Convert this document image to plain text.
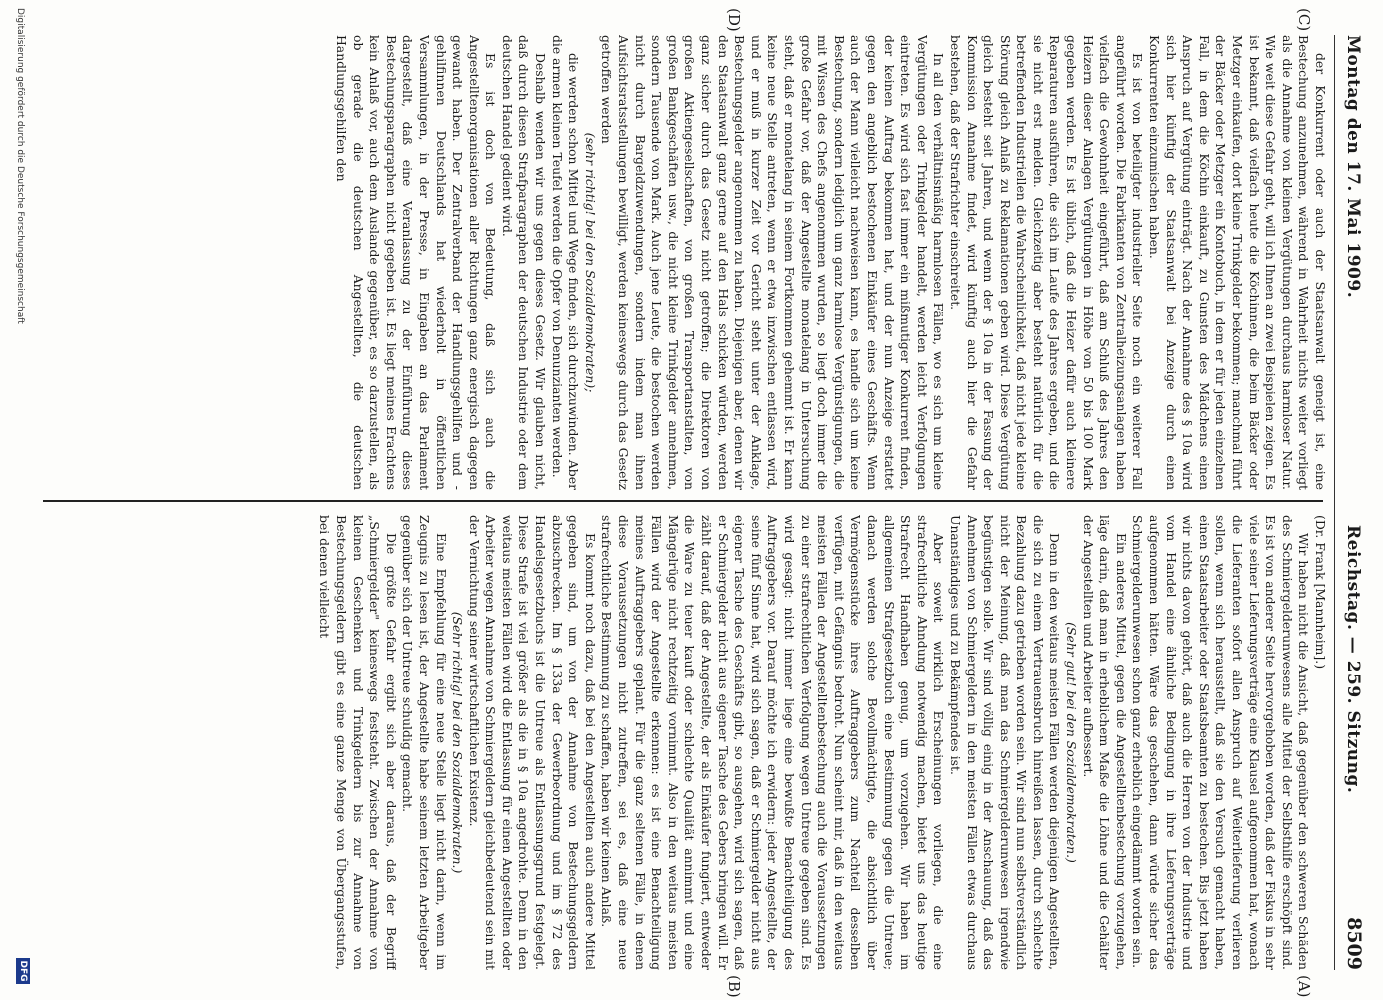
Montag den 17. Mai 1909.
Reichstag. — 259. Sitzung.
8509
(C)
(D)
(A)
(B)

der Konkurrent oder auch der Staatsanwalt geneigt ist, eine Bestechung anzunehmen, während in Wahrheit nichts weiter vorliegt als die Annahme von kleinen Vergütungen durchaus harmloser Natur. Wie weit diese Gefahr geht, will ich Ihnen an zwei Beispielen zeigen. Es ist bekannt, daß vielfach heute die Köchinnen, die beim Bäcker oder Metzger einkaufen, dort kleine Trinkgelder bekommen; manchmal führt der Bäcker oder Metzger ein Kontobuch, in dem er für jeden einzelnen Fall, in dem die Köchin einkauft, zu Gunsten des Mädchens einen Anspruch auf Vergütung einträgt. Nach der Annahme des § 10a wird sich hier künftig der Staatsanwalt bei Anzeige durch einen Konkurrenten einzumischen haben.

Es ist von beteiligter industrieller Seite noch ein weiterer Fall angeführt worden. Die Fabrikanten von Zentralheizungsanlagen haben vielfach die Gewohnheit eingeführt, daß am Schluß des Jahres den Heizern dieser Anlagen Vergütungen in Höhe von 50 bis 100 Mark gegeben werden. Es ist üblich, daß die Heizer dafür auch kleinere Reparaturen ausführen, die sich im Laufe des Jahres ergeben, und die sie nicht erst melden. Gleichzeitig aber besteht natürlich für die betreffenden Industriellen die Wahrscheinlichkeit, daß nicht jede kleine Störung gleich Anlaß zu Reklamationen geben wird. Diese Vergütung gleich besteht seit Jahren, und wenn der § 10a in der Fassung der Kommission Annahme findet, wird künftig auch hier die Gefahr bestehen, daß der Strafrichter einschreitet.

In all den verhältnismäßig harmlosen Fällen, wo es sich um kleine Vergütungen oder Trinkgelder handelt, werden leicht Verfolgungen eintreten. Es wird sich fast immer ein mißmutiger Konkurrent finden, der keinen Auftrag bekommen hat, und der nun Anzeige erstattet gegen den angeblich bestochenen Einkäufer eines Geschäfts. Wenn auch der Mann vielleicht nachweisen kann, es handle sich um keine Bestechung, sondern lediglich um ganz harmlose Vergünstigungen, die mit Wissen des Chefs angenommen wurden, so liegt doch immer die große Gefahr vor, daß der Angestellte monatelang in Untersuchung steht, daß er monatelang in seinem Fortkommen gehemmt ist. Er kann keine neue Stelle antreten, wenn er etwa inzwischen entlassen wird, und er muß in kurzer Zeit vor Gericht steht unter der Anklage, Bestechungsgelder angenommen zu haben. Diejenigen aber, denen wir den Staatsanwalt ganz gerne auf den Hals schicken würden, werden ganz sicher durch das Gesetz nicht getroffen; die Direktoren von großen Aktiengesellschaften, von großen Transportanstalten, von großen Bankgeschäften usw., die nicht kleine Trinkgelder annehmen, sondern Tausende von Mark. Auch jene Leute, die bestochen werden nicht durch Bargeldzuwendungen, sondern indem man ihnen Aufsichtsratsstellungen bewilligt, werden keineswegs durch das Gesetz getroffen werden

(sehr richtig! bei den Sozialdemokraten);

die werden schon Mittel und Wege finden, sich durchzuwinden. Aber die armen kleinen Teufel werden die Opfer von Denunzianten werden.

Deshalb wenden wir uns gegen dieses Gesetz. Wir glauben nicht, daß durch diesen Strafparagraphen der deutschen Industrie oder dem deutschen Handel gedient wird.

Es ist doch von Bedeutung, daß sich auch die Angestelltenorganisationen aller Richtungen ganz energisch dagegen gewandt haben. Der Zentralverband der Handlungsgehilfen und -gehilfinnen Deutschlands hat wiederholt in öffentlichen Versammlungen, in der Presse, in Eingaben an das Parlament dargestellt, daß eine Veranlassung zu der Einführung dieses Bestechungsparagraphen nicht gegeben ist. Es liegt meines Erachtens kein Anlaß vor, auch dem Auslande gegenüber, es so darzustellen, als ob gerade die deutschen Angestellten, die deutschen Handlungsgehilfen den

(Dr. Frank [Mannheim].)

Wir haben nicht die Ansicht, daß gegenüber den schweren Schäden des Schmiergelderunwesens alle Mittel der Selbsthilfe erschöpft sind. Es ist von anderer Seite hervorgehoben worden, daß der Fiskus in sehr viele seiner Lieferungsverträge eine Klausel aufgenommen hat, wonach die Lieferanten sofort allen Anspruch auf Weiterlieferung verlieren sollen, wenn sich herausstellt, daß sie den Versuch gemacht haben, einen Staatsarbeiter oder Staatsbeamten zu bestechen. Bis jetzt haben wir nichts davon gehört, daß auch die Herren von der Industrie und vom Handel eine ähnliche Bedingung in ihre Lieferungsverträge aufgenommen hätten. Wäre das geschehen, dann würde sicher das Schmiergelderunwesen schon ganz erheblich eingedämmt worden sein.

Ein anderes Mittel, gegen die Angestelltenbestechung vorzugehen, läge darin, daß man in erheblichem Maße die Löhne und die Gehälter der Angestellten und Arbeiter aufbessert.

(Sehr gut! bei den Sozialdemokraten.)

Denn in den weitaus meisten Fällen werden diejenigen Angestellten, die sich zu einem Vertrauensbruch hinreißen lassen, durch schlechte Bezahlung dazu getrieben worden sein. Wir sind nun selbstverständlich nicht der Meinung, daß man das Schmiergelderunwesen irgendwie begünstigen solle. Wir sind völlig einig in der Anschauung, daß das Annehmen von Schmiergeldern in den meisten Fällen etwas durchaus Unanständiges und zu Bekämpfendes ist.

Aber soweit wirklich Erscheinungen vorliegen, die eine strafrechtliche Ahndung notwendig machen, bietet uns das heutige Strafrecht Handhaben genug, um vorzugehen. Wir haben im allgemeinen Strafgesetzbuch eine Bestimmung gegen die Untreue; danach werden solche Bevollmächtigte, die absichtlich über Vermögensstücke ihres Auftraggebers zum Nachteil desselben verfügen, mit Gefängnis bedroht. Nun scheint mir, daß in den weitaus meisten Fällen der Angestelltenbestechung auch die Voraussetzungen zu einer strafrechtlichen Verfolgung wegen Untreue gegeben sind. Es wird gesagt: nicht immer liege eine bewußte Benachteiligung des Auftraggebers vor. Darauf möchte ich erwidern: jeder Angestellte, der seine fünf Sinne hat, wird sich sagen, daß er Schmiergelder nicht aus eigener Tasche des Geschäfts gibt, so ausgehen, wird sich sagen, daß er Schmiergelder nicht aus eigener Tasche des Gebers bringen will. Er zählt darauf, daß der Angestellte, der als Einkäufer fungiert, entweder die Ware zu teuer kauft oder schlechte Qualität annimmt und eine Mängelrüge nicht rechtzeitig vornimmt. Also in den weitaus meisten Fällen wird der Angestellte erkennen: es ist eine Benachteiligung meines Auftraggebers geplant. Für die ganz seltenen Fälle, in denen diese Voraussetzungen nicht zutreffen, sei es, daß eine neue strafrechtliche Bestimmung zu schaffen, haben wir keinen Anlaß.

Es kommt noch dazu, daß bei den Angestellten auch andere Mittel gegeben sind, um von der Annahme von Bestechungsgeldern abzuschrecken. Im § 133a der Gewerbeordnung und im § 72 des Handelsgesetzbuchs ist die Untreue als Entlassungsgrund festgelegt. Diese Strafe ist viel größer als die in § 10a angedrohte. Denn in den weitaus meisten Fällen wird die Entlassung für einen Angestellten oder Arbeiter wegen Annahme von Schmiergeldern gleichbedeutend sein mit der Vernichtung seiner wirtschaftlichen Existenz.

(Sehr richtig! bei den Sozialdemokraten.)

Eine Empfehlung für eine neue Stelle liegt nicht darin, wenn im Zeugnis zu lesen ist, der Angestellte habe seinem letzten Arbeitgeber gegenüber sich der Untreue schuldig gemacht.

Die größte Gefahr ergibt sich aber daraus, daß der Begriff „Schmiergelder" keineswegs feststeht. Zwischen der Annahme von kleinen Geschenken und Trinkgeldern bis zur Annahme von Bestechungsgeldern gibt es eine ganze Menge von Übergangsstufen, bei denen vielleicht

Digitalisierung gefördert durch die Deutsche Forschungsgemeinschaft
DFG
